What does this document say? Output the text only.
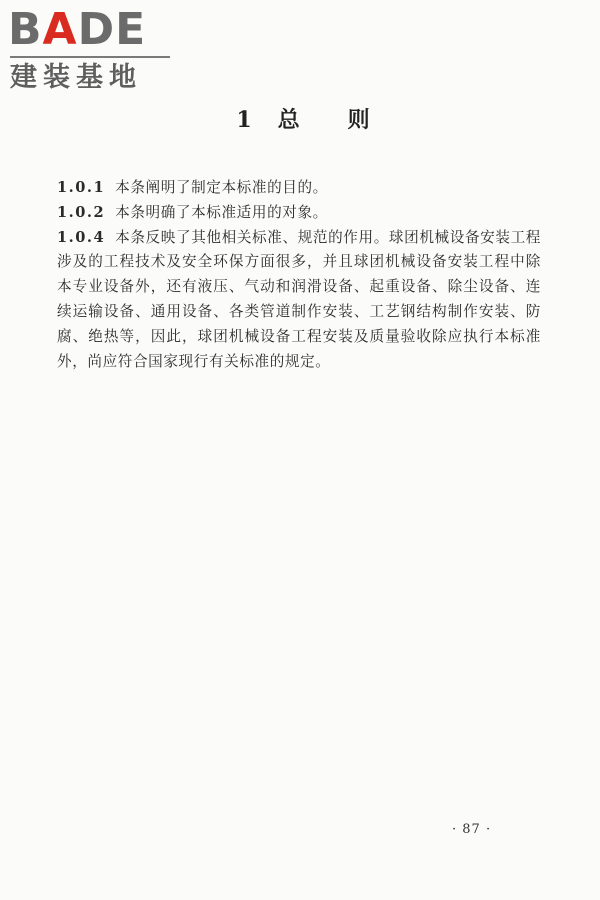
BADE
建装基地
1 总 则

1.0.1 本条阐明了制定本标准的目的。

1.0.2 本条明确了本标准适用的对象。

1.0.4 本条反映了其他相关标准、规范的作用。球团机械设备安装工程涉及的工程技术及安全环保方面很多，并且球团机械设备安装工程中除本专业设备外，还有液压、气动和润滑设备、起重设备、除尘设备、连续运输设备、通用设备、各类管道制作安装、工艺钢结构制作安装、防腐、绝热等，因此，球团机械设备工程安装及质量验收除应执行本标准外，尚应符合国家现行有关标准的规定。

· 87 ·
